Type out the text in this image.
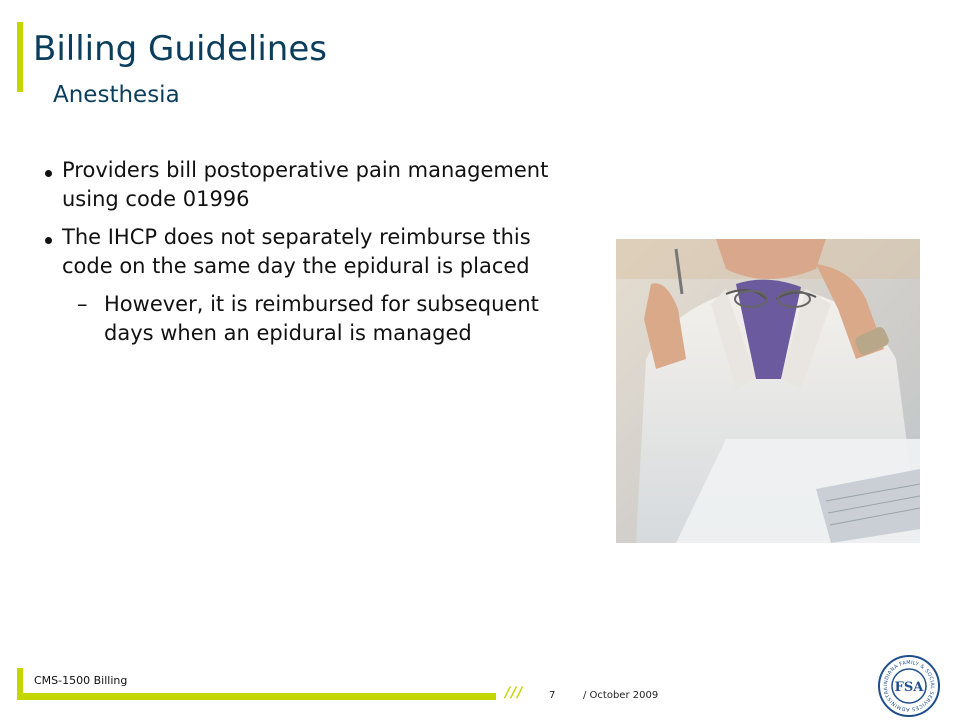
Billing Guidelines
Anesthesia
Providers bill postoperative pain management using code 01996
The IHCP does not separately reimburse this code on the same day the epidural is placed
– However, it is reimbursed for subsequent days when an epidural is managed
CMS-1500 Billing
///	7	/ October 2009
INDIANA FAMILY & SOCIAL SERVICES ADMINISTRA FSA
